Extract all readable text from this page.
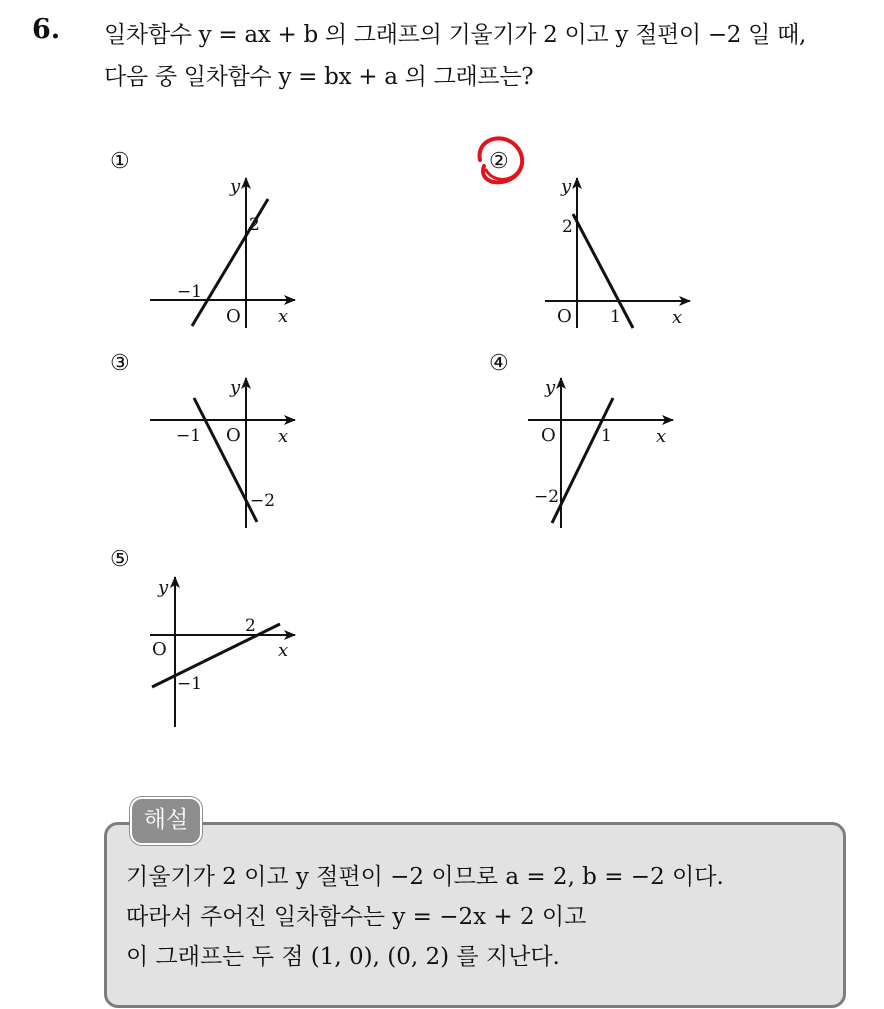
6. 일차함수 y = ax + b 의 그래프의 기울기가 2 이고 y 절편이 −2 일 때,
다음 중 일차함수 y = bx + a 의 그래프는?
①
2
−1
O x
y
②
2
O 1	x
y
③
−1 O x
−2
y
④
O	1 x
−2
y
⑤
O
2
x
−1
y
해설
기울기가 2 이고 y 절편이 −2 이므로 a = 2, b = −2 이다.
따라서 주어진 일차함수는 y = −2x + 2 이고
이 그래프는 두 점 (1, 0), (0, 2) 를 지난다.
